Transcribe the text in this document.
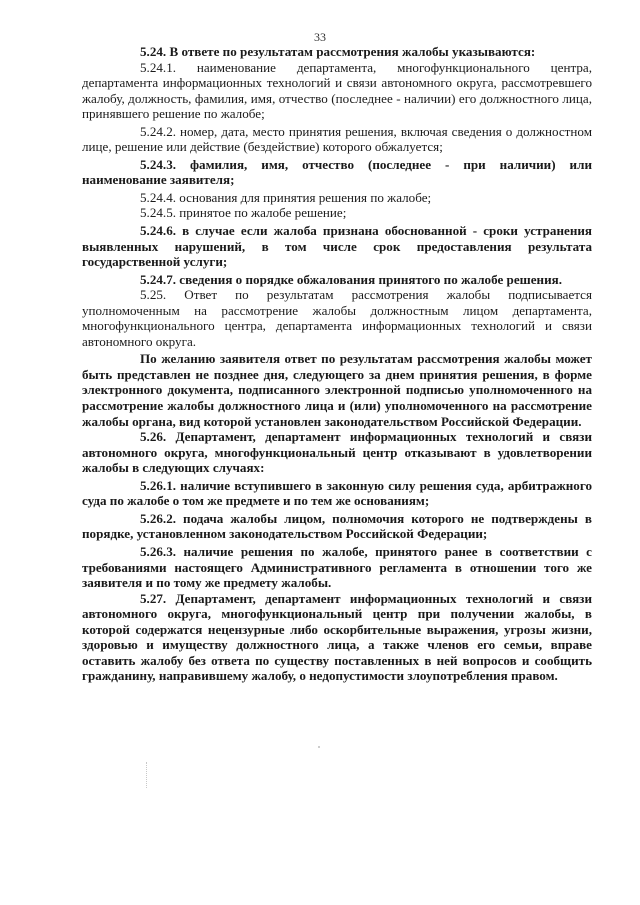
33

5.24. В ответе по результатам рассмотрения жалобы указываются:

5.24.1. наименование департамента, многофункционального центра, департамента информационных технологий и связи автономного округа, рассмотревшего жалобу, должность, фамилия, имя, отчество (последнее - наличии) его должностного лица, принявшего решение по жалобе;

5.24.2. номер, дата, место принятия решения, включая сведения о должностном лице, решение или действие (бездействие) которого обжалуется;

5.24.3. фамилия, имя, отчество (последнее - при наличии) или наименование заявителя;

5.24.4. основания для принятия решения по жалобе;

5.24.5. принятое по жалобе решение;

5.24.6. в случае если жалоба признана обоснованной - сроки устранения выявленных нарушений, в том числе срок предоставления результата государственной услуги;

5.24.7. сведения о порядке обжалования принятого по жалобе решения.

5.25. Ответ по результатам рассмотрения жалобы подписывается уполномоченным на рассмотрение жалобы должностным лицом департамента, многофункционального центра, департамента информационных технологий и связи автономного округа.

По желанию заявителя ответ по результатам рассмотрения жалобы может быть представлен не позднее дня, следующего за днем принятия решения, в форме электронного документа, подписанного электронной подписью уполномоченного на рассмотрение жалобы должностного лица и (или) уполномоченного на рассмотрение жалобы органа, вид которой установлен законодательством Российской Федерации.

5.26. Департамент, департамент информационных технологий и связи автономного округа, многофункциональный центр отказывают в удовлетворении жалобы в следующих случаях:

5.26.1. наличие вступившего в законную силу решения суда, арбитражного суда по жалобе о том же предмете и по тем же основаниям;

5.26.2. подача жалобы лицом, полномочия которого не подтверждены в порядке, установленном законодательством Российской Федерации;

5.26.3. наличие решения по жалобе, принятого ранее в соответствии с требованиями настоящего Административного регламента в отношении того же заявителя и по тому же предмету жалобы.

5.27. Департамент, департамент информационных технологий и связи автономного округа, многофункциональный центр при получении жалобы, в которой содержатся нецензурные либо оскорбительные выражения, угрозы жизни, здоровью и имуществу должностного лица, а также членов его семьи, вправе оставить жалобу без ответа по существу поставленных в ней вопросов и сообщить гражданину, направившему жалобу, о недопустимости злоупотребления правом.
